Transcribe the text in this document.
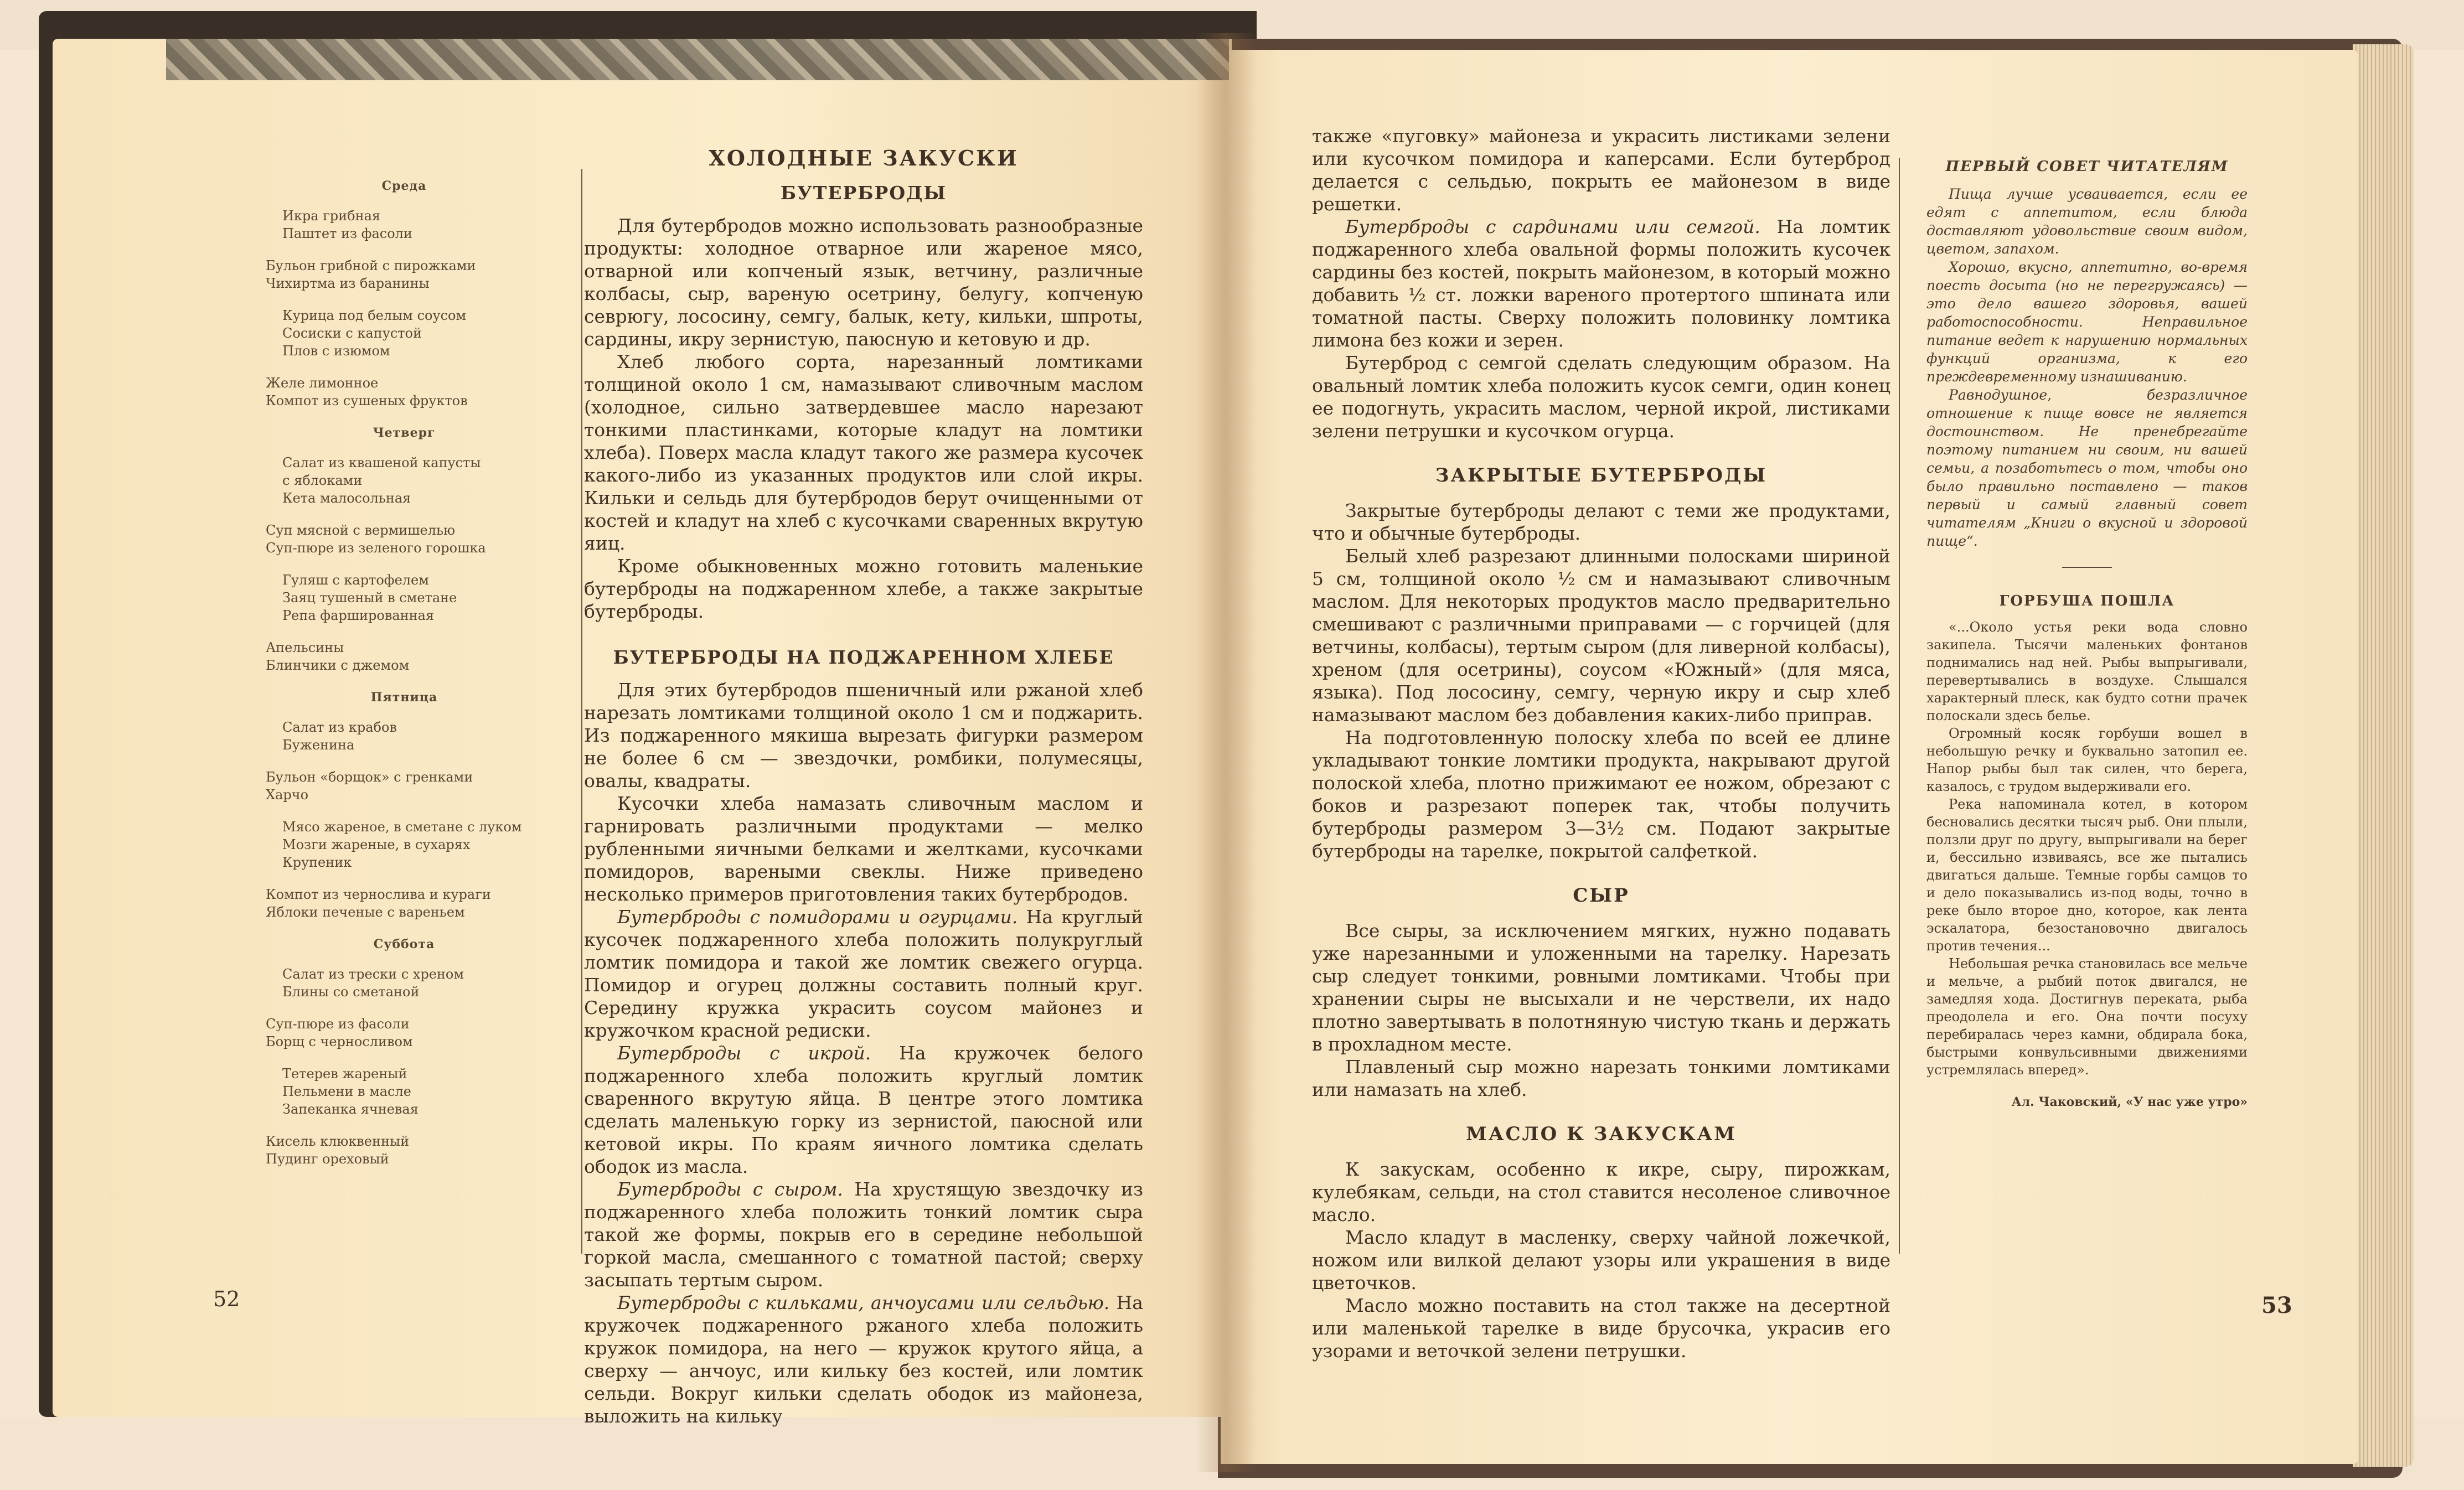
Среда
Икра грибная
Паштет из фасоли
Бульон грибной с пирожками
Чихиртма из баранины
Курица под белым соусом
Сосиски с капустой
Плов с изюмом
Желе лимонное
Компот из сушеных фруктов
Четверг
Салат из квашеной капусты
с яблоками
Кета малосольная
Суп мясной с вермишелью
Суп-пюре из зеленого горошка
Гуляш с картофелем
Заяц тушеный в сметане
Репа фаршированная
Апельсины
Блинчики с джемом
Пятница
Салат из крабов
Буженина
Бульон «борщок» с гренками
Харчо
Мясо жареное, в сметане с луком
Мозги жареные, в сухарях
Крупеник
Компот из чернослива и кураги
Яблоки печеные с вареньем
Суббота
Салат из трески с хреном
Блины со сметаной
Суп-пюре из фасоли
Борщ с черносливом
Тетерев жареный
Пельмени в масле
Запеканка ячневая
Кисель клюквенный
Пудинг ореховый
ХОЛОДНЫЕ ЗАКУСКИ
БУТЕРБРОДЫ

Для бутербродов можно использовать разнообразные продукты: холодное отварное или жареное мясо, отварной или копченый язык, ветчину, различные колбасы, сыр, вареную осетрину, белугу, копченую севрюгу, лососину, семгу, балык, кету, кильки, шпроты, сардины, икру зернистую, паюсную и кетовую и др.

Хлеб любого сорта, нарезанный ломтиками толщиной около 1 см, намазывают сливочным маслом (холодное, сильно затвердевшее масло нарезают тонкими пластинками, которые кладут на ломтики хлеба). Поверх масла кладут такого же размера кусочек какого-либо из указанных продуктов или слой икры. Кильки и сельдь для бутербродов берут очищенными от костей и кладут на хлеб с кусочками сваренных вкрутую яиц.

Кроме обыкновенных можно готовить маленькие бутерброды на поджаренном хлебе, а также закрытые бутерброды.

БУТЕРБРОДЫ НА ПОДЖАРЕННОМ ХЛЕБЕ

Для этих бутербродов пшеничный или ржаной хлеб нарезать ломтиками толщиной около 1 см и поджарить. Из поджаренного мякиша вырезать фигурки размером не более 6 см — звездочки, ромбики, полумесяцы, овалы, квадраты.

Кусочки хлеба намазать сливочным маслом и гарнировать различными продуктами — мелко рубленными яичными белками и желтками, кусочками помидоров, вареными свеклы. Ниже приведено несколько примеров приготовления таких бутербродов.

Бутерброды с помидорами и огурцами. На круглый кусочек поджаренного хлеба положить полукруглый ломтик помидора и такой же ломтик свежего огурца. Помидор и огурец должны составить полный круг. Середину кружка украсить соусом майонез и кружочком красной редиски.

Бутерброды с икрой. На кружочек белого поджаренного хлеба положить круглый ломтик сваренного вкрутую яйца. В центре этого ломтика сделать маленькую горку из зернистой, паюсной или кетовой икры. По краям яичного ломтика сделать ободок из масла.

Бутерброды с сыром. На хрустящую звездочку из поджаренного хлеба положить тонкий ломтик сыра такой же формы, покрыв его в середине небольшой горкой масла, смешанного с томатной пастой; сверху засыпать тертым сыром.

Бутерброды с кильками, анчоусами или сельдью. На кружочек поджаренного ржаного хлеба положить кружок помидора, на него — кружок крутого яйца, а сверху — анчоус, или кильку без костей, или ломтик сельди. Вокруг кильки сделать ободок из майонеза, выложить на кильку

52

также «пуговку» майонеза и украсить листиками зелени или кусочком помидора и каперсами. Если бутерброд делается с сельдью, покрыть ее майонезом в виде решетки.

Бутерброды с сардинами или семгой. На ломтик поджаренного хлеба овальной формы положить кусочек сардины без костей, покрыть майонезом, в который можно добавить ½ ст. ложки вареного протертого шпината или томатной пасты. Сверху положить половинку ломтика лимона без кожи и зерен.

Бутерброд с семгой сделать следующим образом. На овальный ломтик хлеба положить кусок семги, один конец ее подогнуть, украсить маслом, черной икрой, листиками зелени петрушки и кусочком огурца.

ЗАКРЫТЫЕ БУТЕРБРОДЫ

Закрытые бутерброды делают с теми же продуктами, что и обычные бутерброды.

Белый хлеб разрезают длинными полосками шириной 5 см, толщиной около ½ см и намазывают сливочным маслом. Для некоторых продуктов масло предварительно смешивают с различными приправами — с горчицей (для ветчины, колбасы), тертым сыром (для ливерной колбасы), хреном (для осетрины), соусом «Южный» (для мяса, языка). Под лососину, семгу, черную икру и сыр хлеб намазывают маслом без добавления каких-либо приправ.

На подготовленную полоску хлеба по всей ее длине укладывают тонкие ломтики продукта, накрывают другой полоской хлеба, плотно прижимают ее ножом, обрезают с боков и разрезают поперек так, чтобы получить бутерброды размером 3—3½ см. Подают закрытые бутерброды на тарелке, покрытой салфеткой.

СЫР

Все сыры, за исключением мягких, нужно подавать уже нарезанными и уложенными на тарелку. Нарезать сыр следует тонкими, ровными ломтиками. Чтобы при хранении сыры не высыхали и не черствели, их надо плотно завертывать в полотняную чистую ткань и держать в прохладном месте.

Плавленый сыр можно нарезать тонкими ломтиками или намазать на хлеб.

МАСЛО К ЗАКУСКАМ

К закускам, особенно к икре, сыру, пирожкам, кулебякам, сельди, на стол ставится несоленое сливочное масло.

Масло кладут в масленку, сверху чайной ложечкой, ножом или вилкой делают узоры или украшения в виде цветочков.

Масло можно поставить на стол также на десертной или маленькой тарелке в виде брусочка, украсив его узорами и веточкой зелени петрушки.

ПЕРВЫЙ СОВЕТ ЧИТАТЕЛЯМ

Пища лучше усваивается, если ее едят с аппетитом, если блюда доставляют удовольствие своим видом, цветом, запахом.

Хорошо, вкусно, аппетитно, во-время поесть досыта (но не перегружаясь) — это дело вашего здоровья, вашей работоспособности. Неправильное питание ведет к нарушению нормальных функций организма, к его преждевременному изнашиванию.

Равнодушное, безразличное отношение к пище вовсе не является достоинством. Не пренебрегайте поэтому питанием ни своим, ни вашей семьи, а позаботьтесь о том, чтобы оно было правильно поставлено — таков первый и самый главный совет читателям „Книги о вкусной и здоровой пище“.

ГОРБУША ПОШЛА

«...Около устья реки вода словно закипела. Тысячи маленьких фонтанов поднимались над ней. Рыбы выпрыгивали, перевертывались в воздухе. Слышался характерный плеск, как будто сотни прачек полоскали здесь белье.

Огромный косяк горбуши вошел в небольшую речку и буквально затопил ее. Напор рыбы был так силен, что берега, казалось, с трудом выдерживали его.

Река напоминала котел, в котором бесновались десятки тысяч рыб. Они плыли, ползли друг по другу, выпрыгивали на берег и, бессильно извиваясь, все же пытались двигаться дальше. Темные горбы самцов то и дело показывались из-под воды, точно в реке было второе дно, которое, как лента эскалатора, безостановочно двигалось против течения...

Небольшая речка становилась все мельче и мельче, а рыбий поток двигался, не замедляя хода. Достигнув переката, рыба преодолела и его. Она почти посуху перебиралась через камни, обдирала бока, быстрыми конвульсивными движениями устремлялась вперед».

Ал. Чаковский, «У нас уже утро»
53
